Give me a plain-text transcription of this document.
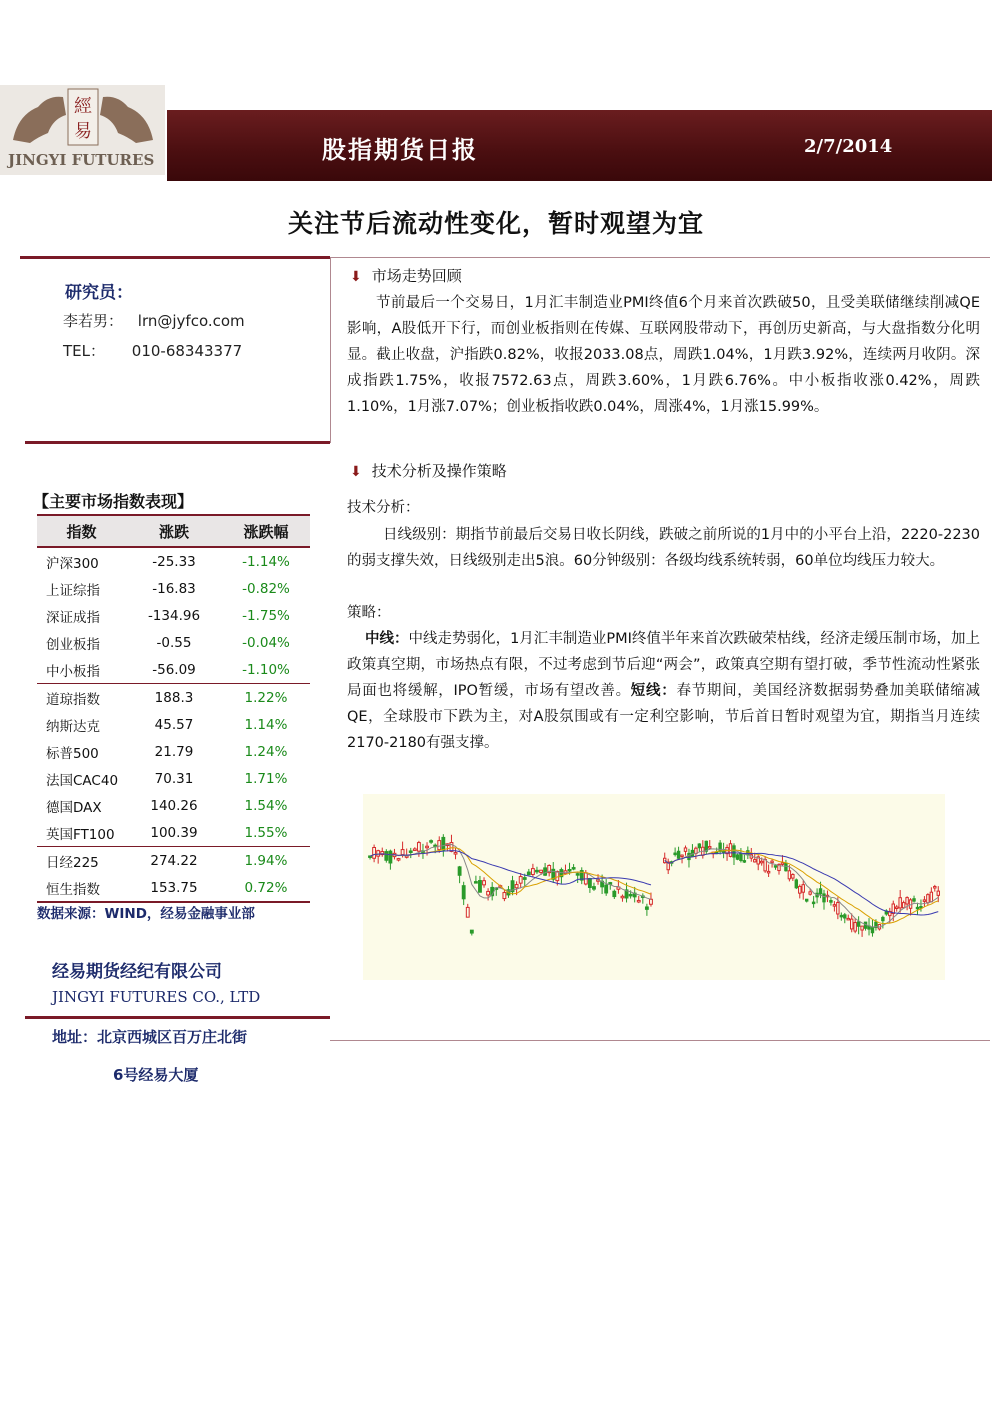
經
易
JINGYI FUTURES	股指期货日报	2/7/2014
关注节后流动性变化，暂时观望为宜
研究员：
李若男： lrn@jyfco.com
TEL： 010-68343377
【主要市场指数表现】
指数	涨跌	涨跌幅
沪深300	-25.33	-1.14%
上证综指	-16.83	-0.82%
深证成指	-134.96	-1.75%
创业板指	-0.55	-0.04%
中小板指	-56.09	-1.10%
道琼指数	188.3	1.22%
纳斯达克	45.57	1.14%
标普500	21.79	1.24%
法国CAC40	70.31	1.71%
德国DAX	140.26	1.54%
英国FT100	100.39	1.55%
日经225	274.22	1.94%
恒生指数	153.75	0.72%
数据来源：WIND，经易金融事业部
经易期货经纪有限公司
JINGYI FUTURES CO., LTD
地址：北京西城区百万庄北街
6号经易大厦
⬇︎ 市场走势回顾
节前最后一个交易日，1月汇丰制造业PMI终值6个月来首次跌破50，且受美联储继续削减QE影响，A股低开下行，而创业板指则在传媒、互联网股带动下，再创历史新高，与大盘指数分化明显。截止收盘，沪指跌0.82%，收报2033.08点，周跌1.04%，1月跌3.92%，连续两月收阴。深成指跌1.75%，收报7572.63点，周跌3.60%，1月跌6.76%。中小板指收涨0.42%，周跌1.10%，1月涨7.07%；创业板指收跌0.04%，周涨4%，1月涨15.99%。
⬇︎ 技术分析及操作策略
技术分析：
日线级别：期指节前最后交易日收长阴线，跌破之前所说的1月中的小平台上沿，2220-2230的弱支撑失效，日线级别走出5浪。60分钟级别：各级均线系统转弱，60单位均线压力较大。
策略：
中线：中线走势弱化，1月汇丰制造业PMI终值半年来首次跌破荣枯线，经济走缓压制市场，加上政策真空期，市场热点有限，不过考虑到节后迎“两会”，政策真空期有望打破，季节性流动性紧张局面也将缓解，IPO暂缓，市场有望改善。短线：春节期间，美国经济数据弱势叠加美联储缩减QE，全球股市下跌为主，对A股氛围或有一定利空影响，节后首日暂时观望为宜，期指当月连续2170-2180有强支撑。
